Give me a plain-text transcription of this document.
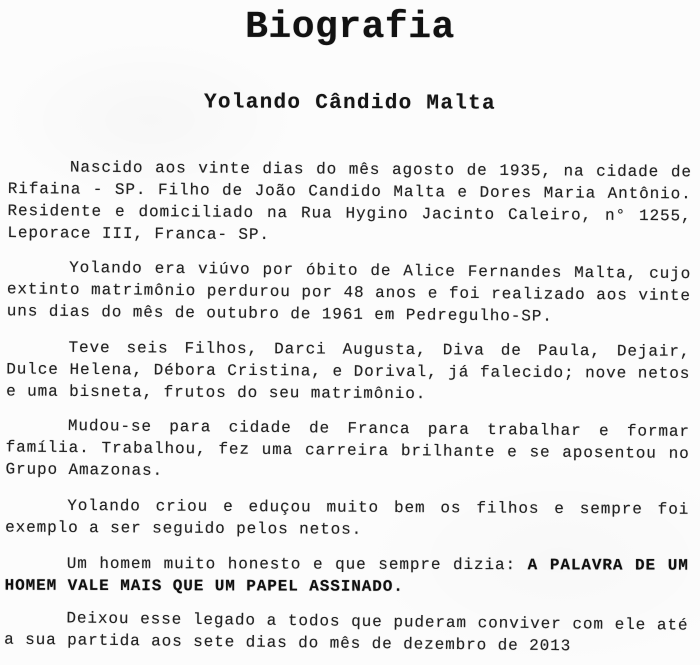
Biografia
Yolando Cândido Malta

Nascido aos vinte dias do mês agosto de 1935, na cidade de Rifaina - SP. Filho de João Candido Malta e Dores Maria Antônio. Residente e domiciliado na Rua Hygino Jacinto Caleiro, n° 1255, Leporace III, Franca- SP.

Yolando era viúvo por óbito de Alice Fernandes Malta, cujo extinto matrimônio perdurou por 48 anos e foi realizado aos vinte uns dias do mês de outubro de 1961 em Pedregulho-SP.

Teve seis Filhos, Darci Augusta, Diva de Paula, Dejair, Dulce Helena, Débora Cristina, e Dorival, já falecido; nove netos e uma bisneta, frutos do seu matrimônio.

Mudou-se para cidade de Franca para trabalhar e formar família. Trabalhou, fez uma carreira brilhante e se aposentou no Grupo Amazonas.

Yolando criou e eduçou muito bem os filhos e sempre foi exemplo a ser seguido pelos netos.

Um homem muito honesto e que sempre dizia: A PALAVRA DE UM HOMEM VALE MAIS QUE UM PAPEL ASSINADO.

Deixou esse legado a todos que puderam conviver com ele até a sua partida aos sete dias do mês de dezembro de 2013
